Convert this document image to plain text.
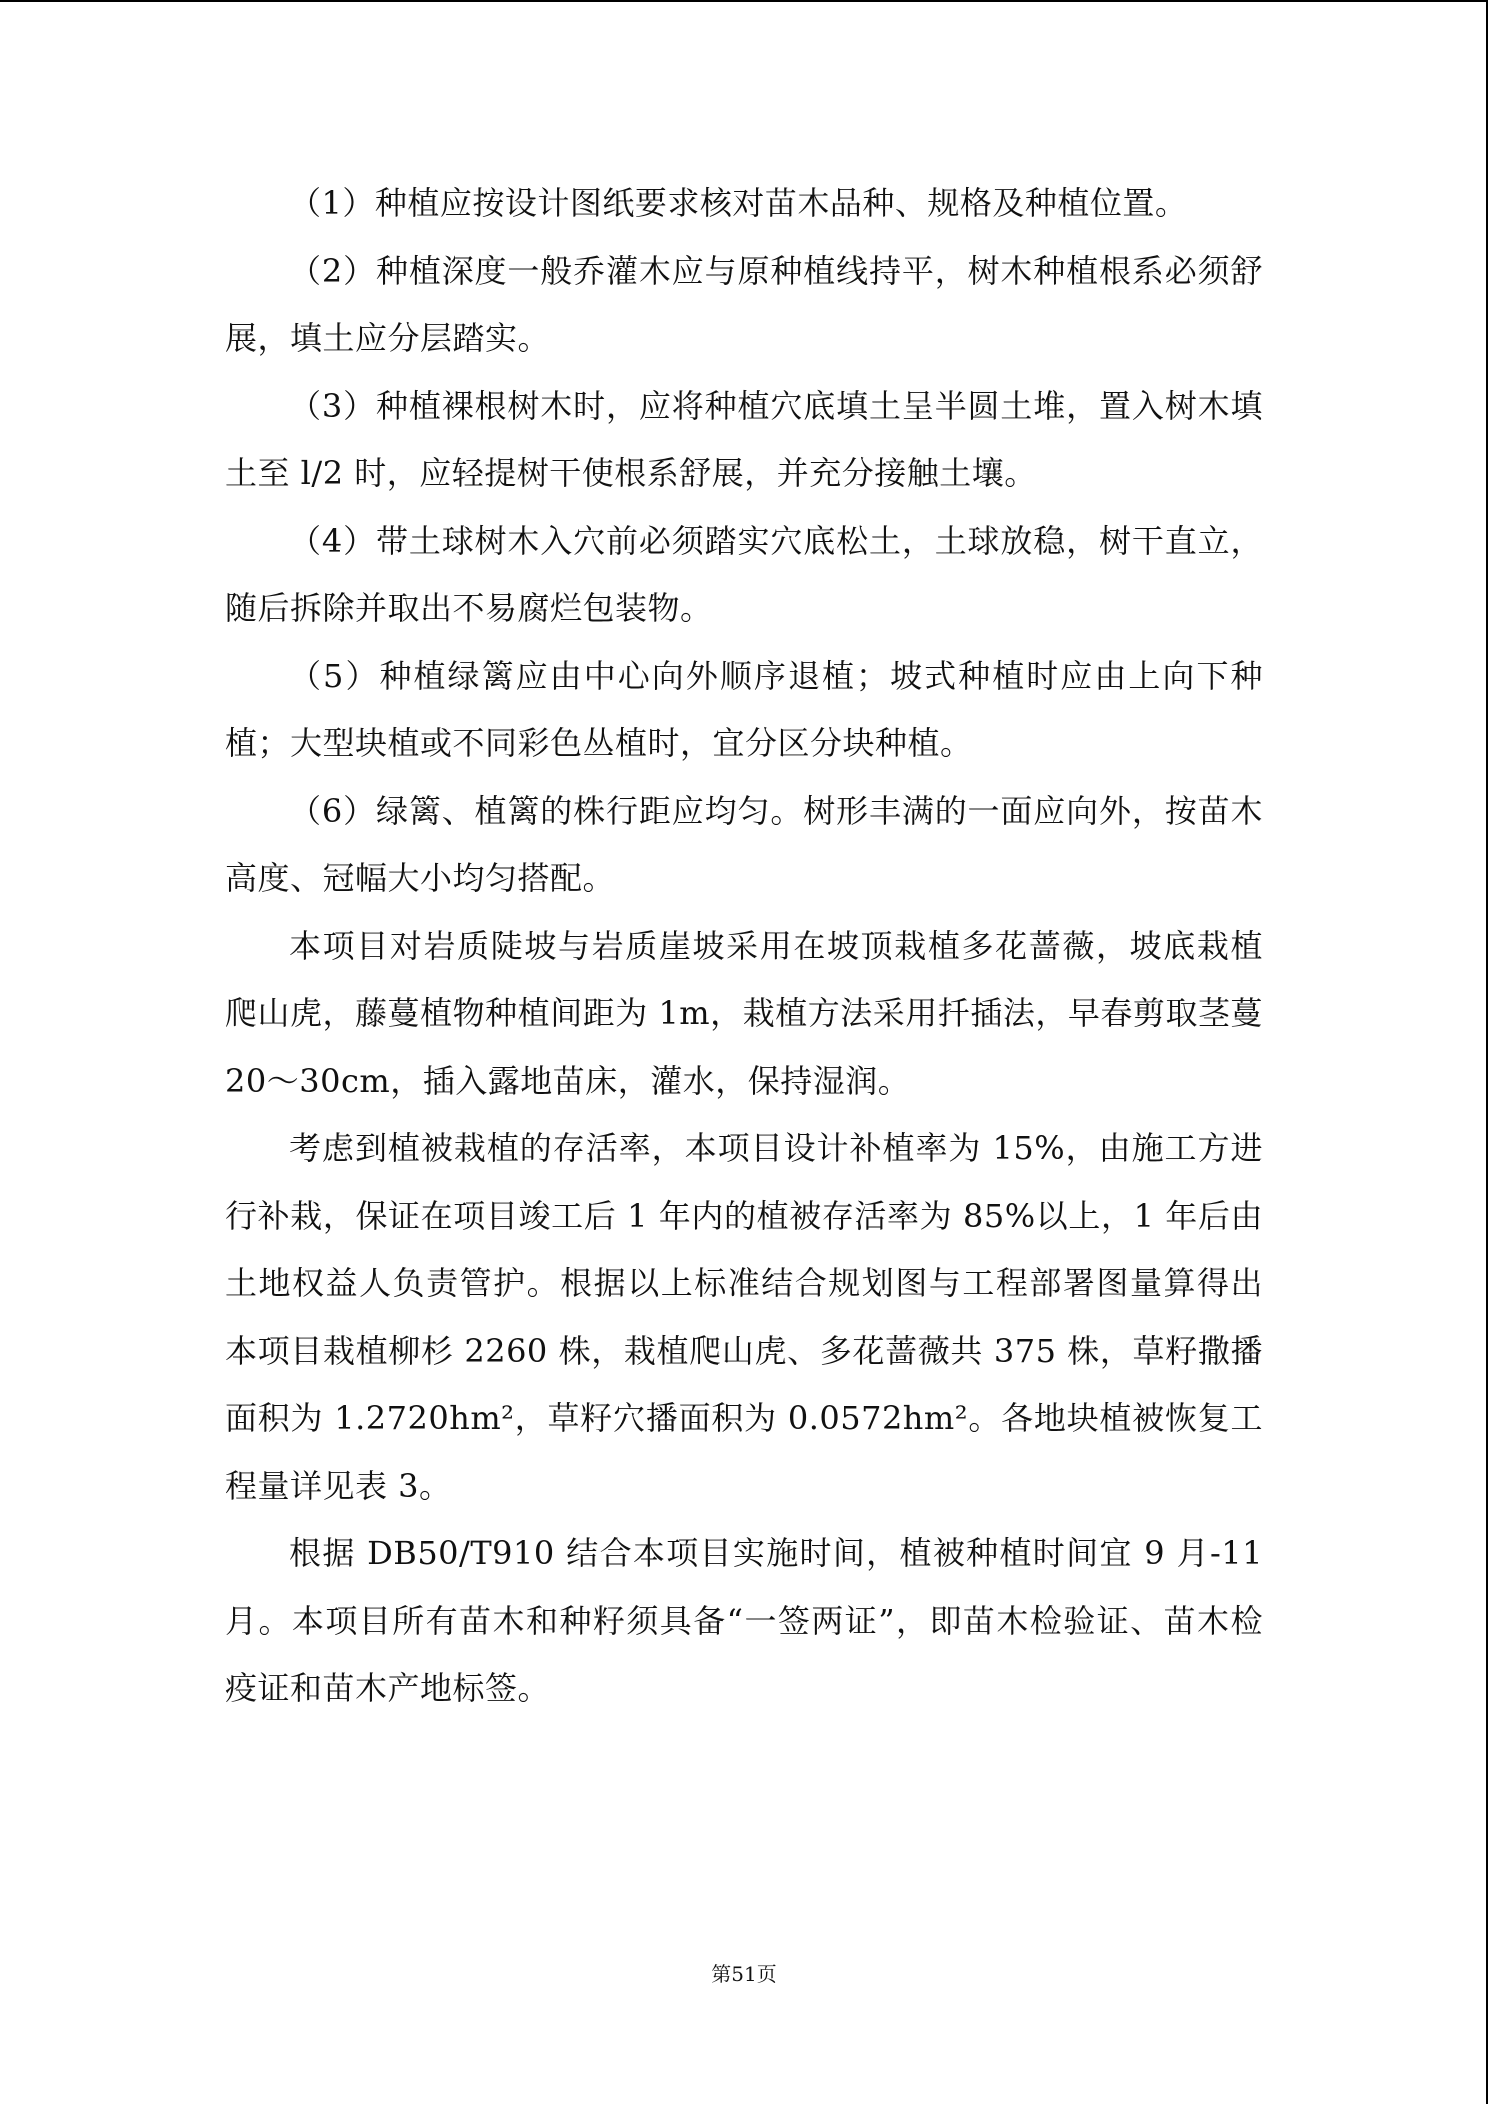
（1）种植应按设计图纸要求核对苗木品种、规格及种植位置。

（2）种植深度一般乔灌木应与原种植线持平，树木种植根系必须舒展，填土应分层踏实。

（3）种植裸根树木时，应将种植穴底填土呈半圆土堆，置入树木填土至 l/2 时，应轻提树干使根系舒展，并充分接触土壤。

（4）带土球树木入穴前必须踏实穴底松土，土球放稳，树干直立，随后拆除并取出不易腐烂包装物。

（5）种植绿篱应由中心向外顺序退植；坡式种植时应由上向下种植；大型块植或不同彩色丛植时，宜分区分块种植。

（6）绿篱、植篱的株行距应均匀。树形丰满的一面应向外，按苗木高度、冠幅大小均匀搭配。

本项目对岩质陡坡与岩质崖坡采用在坡顶栽植多花蔷薇，坡底栽植爬山虎，藤蔓植物种植间距为 1m，栽植方法采用扦插法，早春剪取茎蔓 20～30cm，插入露地苗床，灌水，保持湿润。

考虑到植被栽植的存活率，本项目设计补植率为 15%，由施工方进行补栽，保证在项目竣工后 1 年内的植被存活率为 85%以上，1 年后由土地权益人负责管护。根据以上标准结合规划图与工程部署图量算得出本项目栽植柳杉 2260 株，栽植爬山虎、多花蔷薇共 375 株，草籽撒播面积为 1.2720hm²，草籽穴播面积为 0.0572hm²。各地块植被恢复工程量详见表 3。

根据 DB50/T910 结合本项目实施时间，植被种植时间宜 9 月-11 月。本项目所有苗木和种籽须具备“一签两证”，即苗木检验证、苗木检疫证和苗木产地标签。

第51页
